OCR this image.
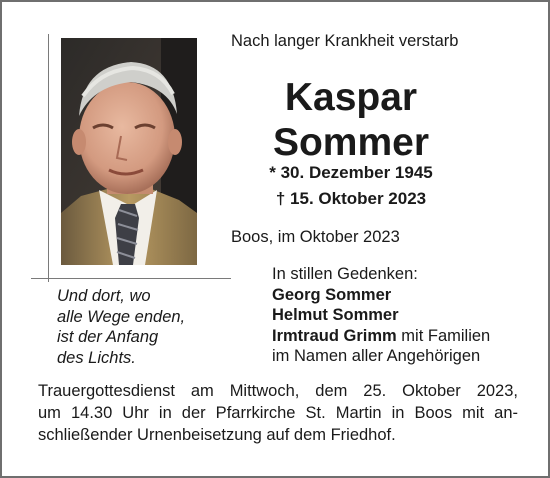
Nach langer Krankheit verstarb
Kaspar
Sommer
* 30. Dezember 1945
† 15. Oktober 2023
Boos, im Oktober 2023
Und dort, wo
alle Wege enden,
ist der Anfang
des Lichts.
In stillen Gedenken:
Georg Sommer
Helmut Sommer
Irmtraud Grimm mit Familien
im Namen aller Angehörigen
Trauergottesdienst am Mittwoch, dem 25. Oktober 2023,
um 14.30 Uhr in der Pfarrkirche St. Martin in Boos mit an-
schließender Urnenbeisetzung auf dem Friedhof.
